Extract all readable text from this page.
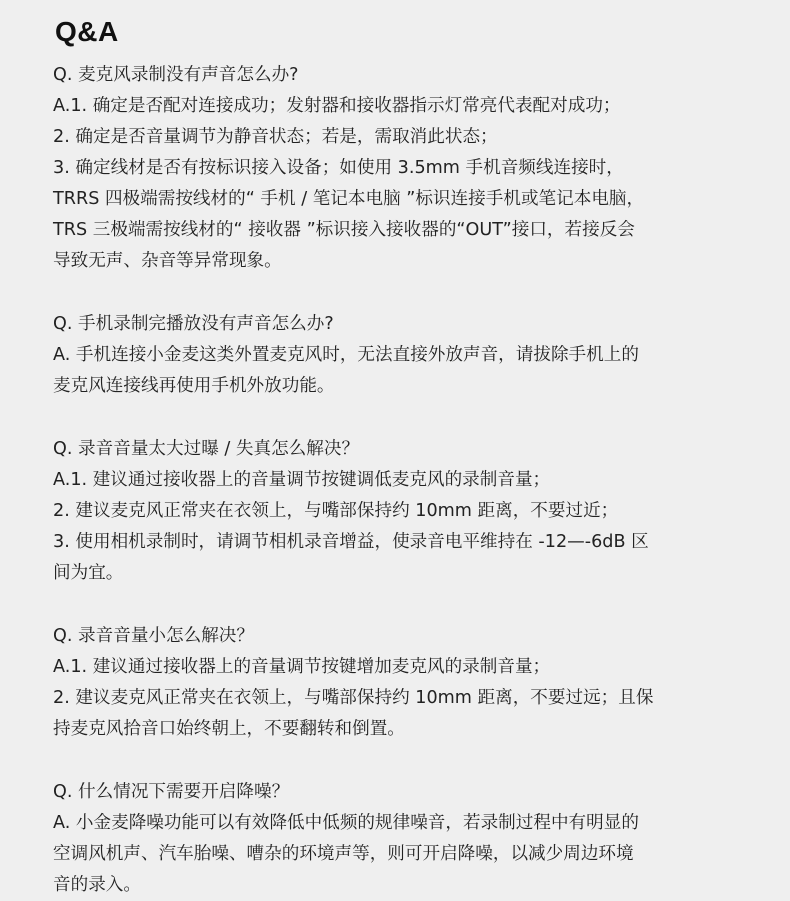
Q&A
Q. 麦克风录制没有声音怎么办?
A.1. 确定是否配对连接成功；发射器和接收器指示灯常亮代表配对成功；
2. 确定是否音量调节为静音状态；若是，需取消此状态；
3. 确定线材是否有按标识接入设备；如使用 3.5mm 手机音频线连接时，
TRRS 四极端需按线材的“ 手机 / 笔记本电脑 ”标识连接手机或笔记本电脑，
TRS 三极端需按线材的“ 接收器 ”标识接入接收器的“OUT”接口，若接反会
导致无声、杂音等异常现象。
Q. 手机录制完播放没有声音怎么办?
A. 手机连接小金麦这类外置麦克风时，无法直接外放声音，请拔除手机上的
麦克风连接线再使用手机外放功能。
Q. 录音音量太大过曝 / 失真怎么解决？
A.1. 建议通过接收器上的音量调节按键调低麦克风的录制音量；
2. 建议麦克风正常夹在衣领上，与嘴部保持约 10mm 距离，不要过近；
3. 使用相机录制时，请调节相机录音增益，使录音电平维持在 -12—-6dB 区
间为宜。
Q. 录音音量小怎么解决？
A.1. 建议通过接收器上的音量调节按键增加麦克风的录制音量；
2. 建议麦克风正常夹在衣领上，与嘴部保持约 10mm 距离，不要过远；且保
持麦克风拾音口始终朝上，不要翻转和倒置。
Q. 什么情况下需要开启降噪？
A. 小金麦降噪功能可以有效降低中低频的规律噪音，若录制过程中有明显的
空调风机声、汽车胎噪、嘈杂的环境声等，则可开启降噪，以减少周边环境
音的录入。
